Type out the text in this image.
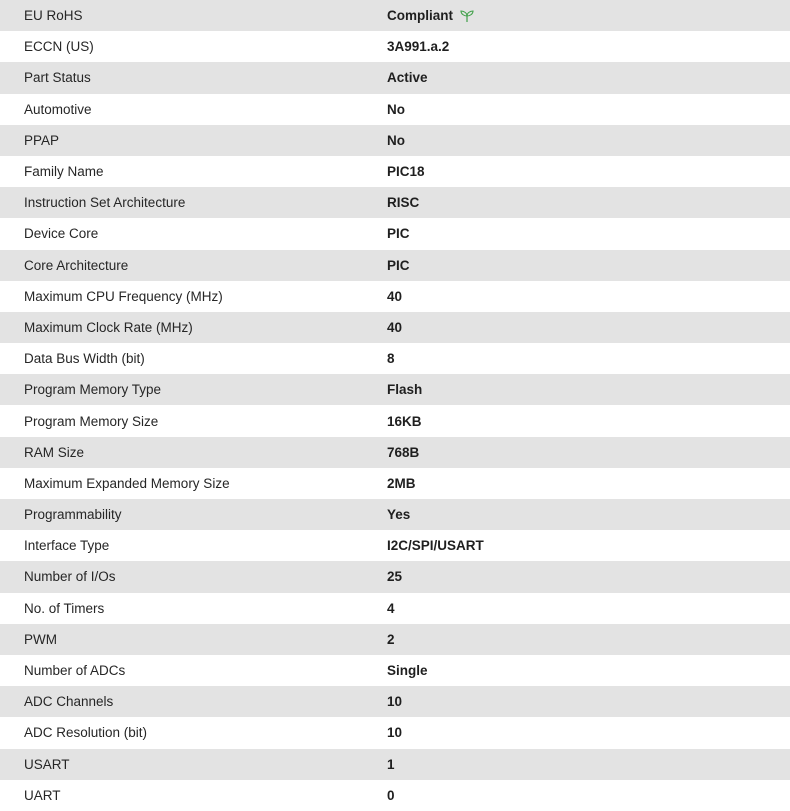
EU RoHS	Compliant
ECCN (US)	3A991.a.2
Part Status	Active
Automotive	No
PPAP	No
Family Name	PIC18
Instruction Set Architecture	RISC
Device Core	PIC
Core Architecture	PIC
Maximum CPU Frequency (MHz)	40
Maximum Clock Rate (MHz)	40
Data Bus Width (bit)	8
Program Memory Type	Flash
Program Memory Size	16KB
RAM Size	768B
Maximum Expanded Memory Size	2MB
Programmability	Yes
Interface Type	I2C/SPI/USART
Number of I/Os	25
No. of Timers	4
PWM	2
Number of ADCs	Single
ADC Channels	10
ADC Resolution (bit)	10
USART	1
UART	0
